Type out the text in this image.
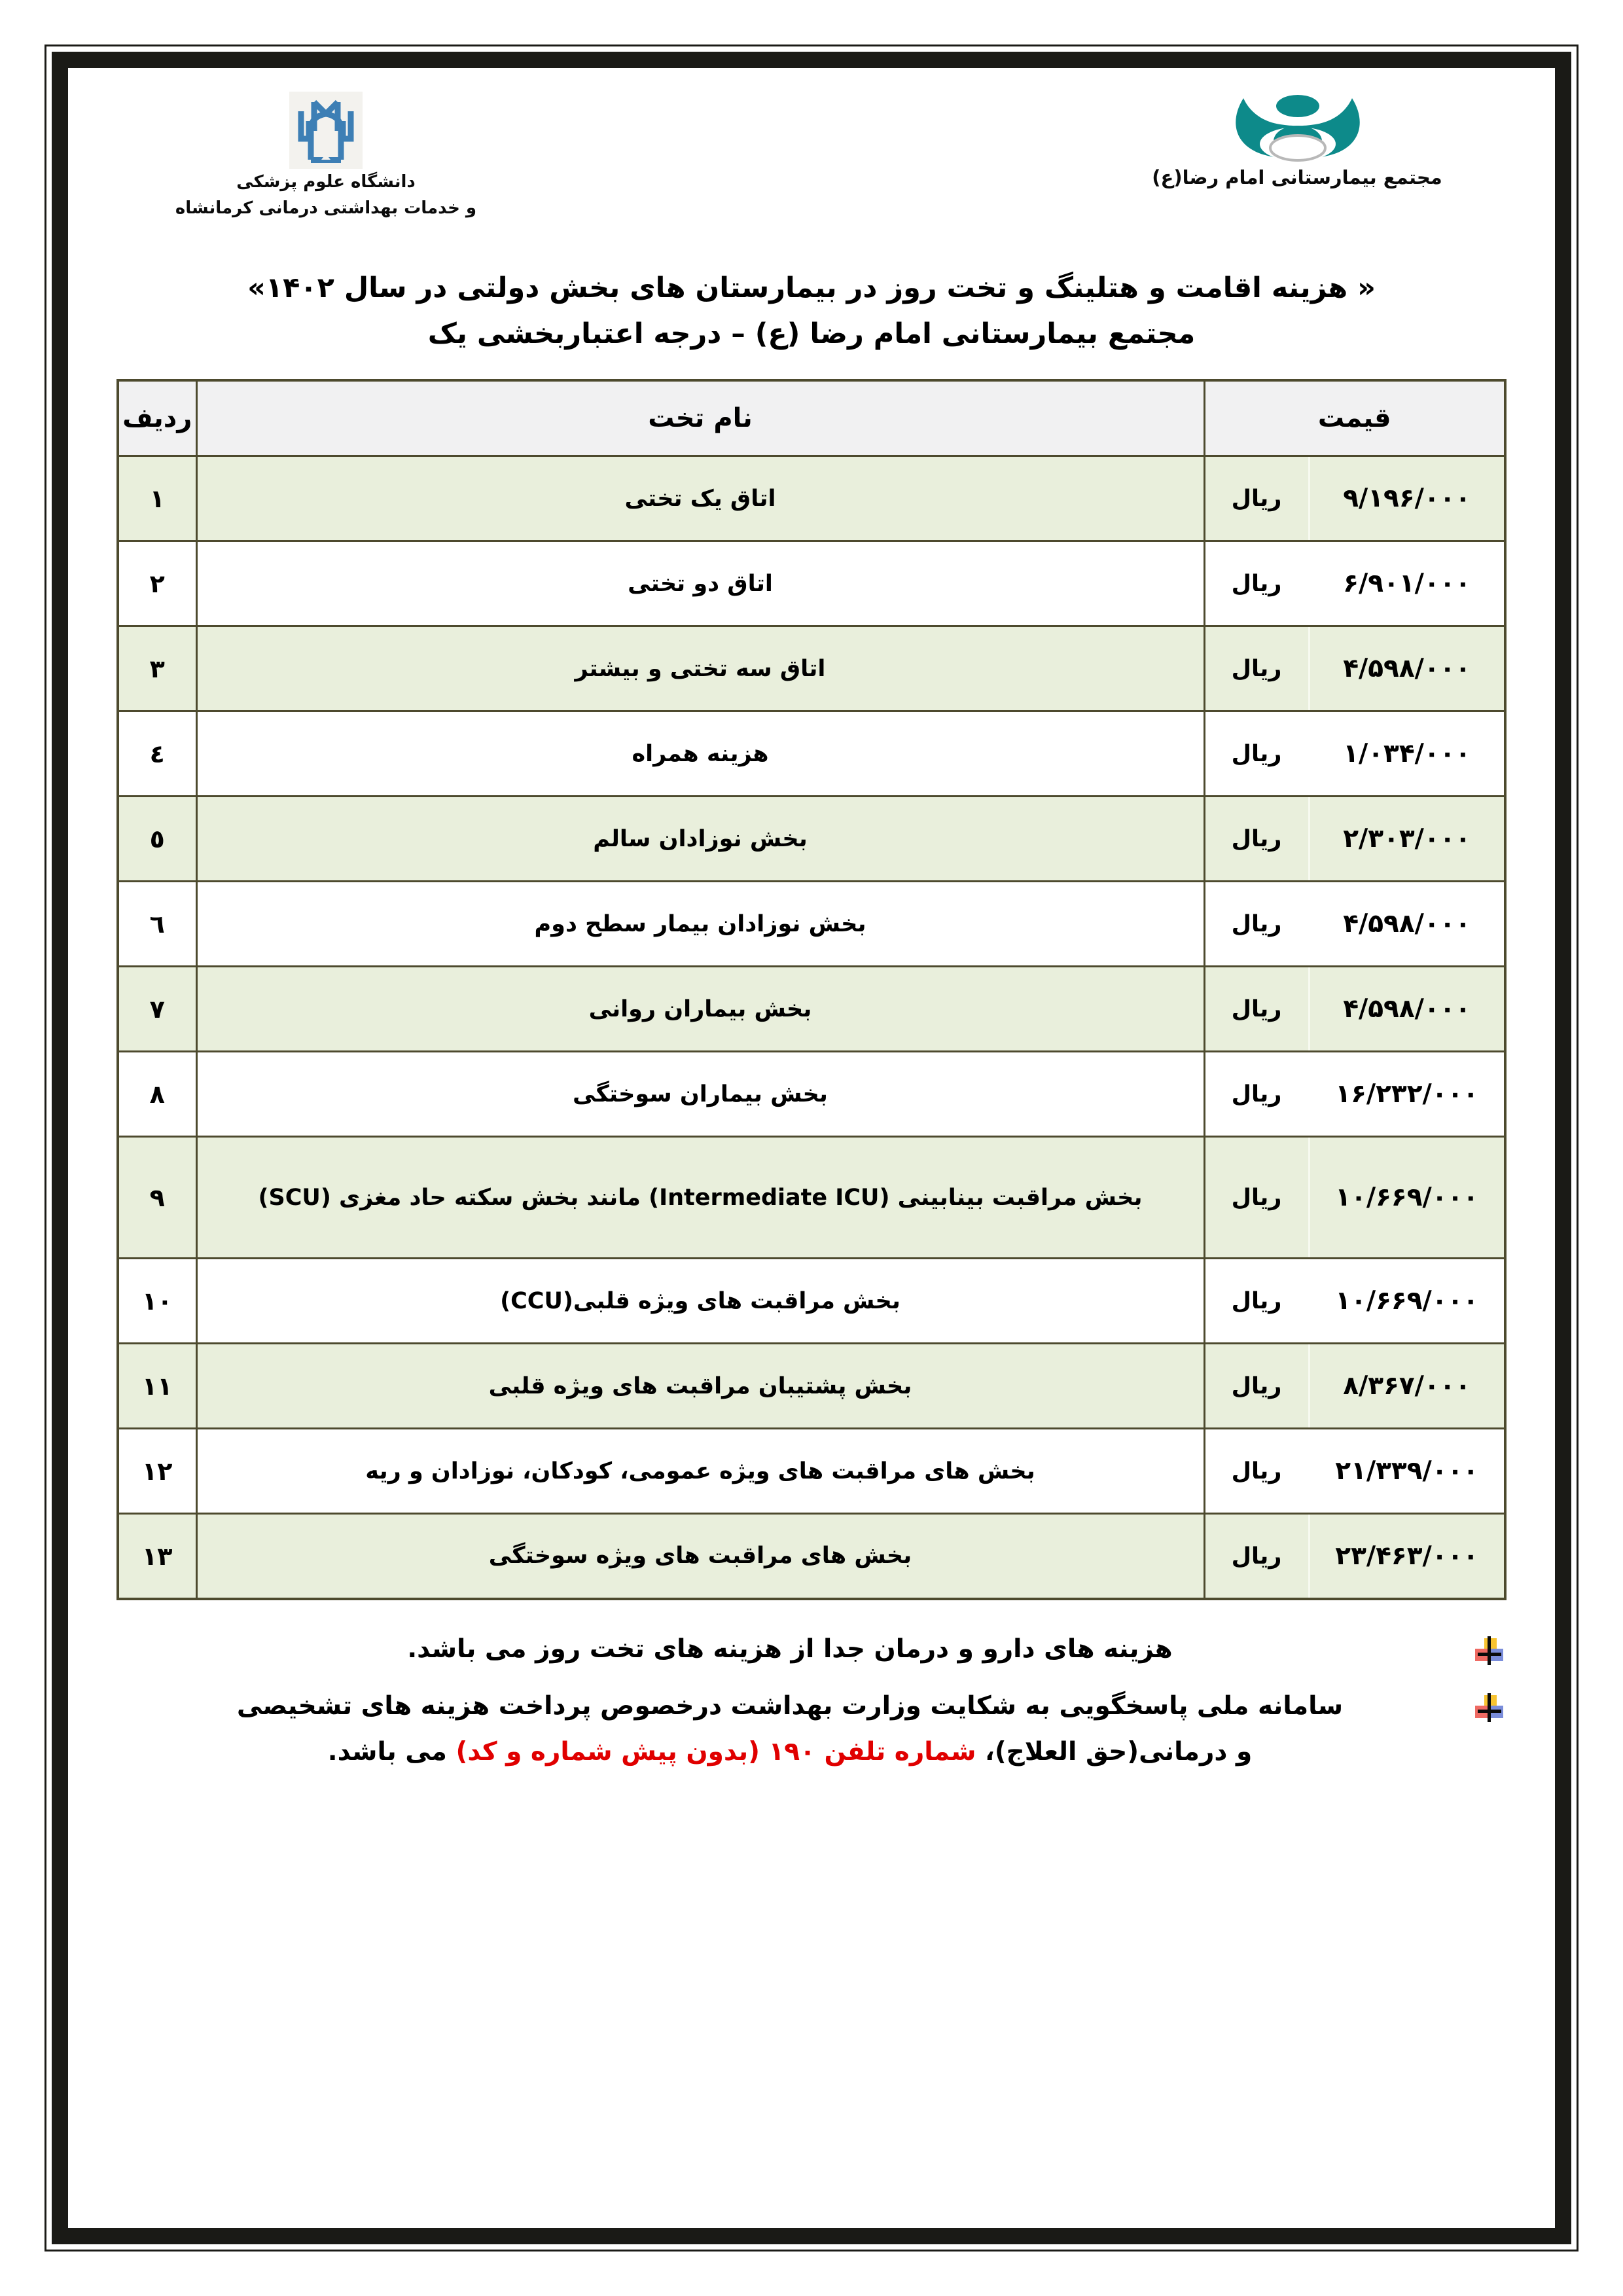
دانشگاه علوم پزشکی
و خدمات بهداشتی درمانی کرمانشاه
مجتمع بیمارستانی امام رضا(ع)
« هزینه اقامت و هتلینگ و تخت روز در بیمارستان های بخش دولتی در سال ۱۴۰۲»
مجتمع بیمارستانی امام رضا (ع) – درجه اعتباربخشی یک
قیمت		نام تخت	ردیف
۹/۱۹۶/۰۰۰	ریال	اتاق یک تختی	۱
۶/۹۰۱/۰۰۰	ریال	اتاق دو تختی	۲
۴/۵۹۸/۰۰۰	ریال	اتاق سه تختی و بیشتر	۳
۱/۰۳۴/۰۰۰	ریال	هزینه همراه	٤
۲/۳۰۳/۰۰۰	ریال	بخش نوزادان سالم	٥
۴/۵۹۸/۰۰۰	ریال	بخش نوزادان بیمار سطح دوم	٦
۴/۵۹۸/۰۰۰	ریال	بخش بیماران روانی	۷
۱۶/۲۳۲/۰۰۰	ریال	بخش بیماران سوختگی	۸
۱۰/۶۶۹/۰۰۰	ریال	بخش مراقبت بینابینی (Intermediate ICU) مانند بخش سکته حاد مغزی (SCU)	۹
۱۰/۶۶۹/۰۰۰	ریال	بخش مراقبت های ویژه قلبی(CCU)	۱۰
۸/۳۶۷/۰۰۰	ریال	بخش پشتیبان مراقبت های ویژه قلبی	۱۱
۲۱/۳۳۹/۰۰۰	ریال	بخش های مراقبت های ویژه عمومی، کودکان، نوزادان و ریه	۱۲
۲۳/۴۶۳/۰۰۰	ریال	بخش های مراقبت های ویژه سوختگی	۱۳
هزینه های دارو و درمان جدا از هزینه های تخت روز می باشد.
سامانه ملی پاسخگویی به شکایت وزارت بهداشت درخصوص پرداخت هزینه های تشخیصی
و درمانی(حق العلاج)، شماره تلفن ۱۹۰ (بدون پیش شماره و کد) می باشد.
